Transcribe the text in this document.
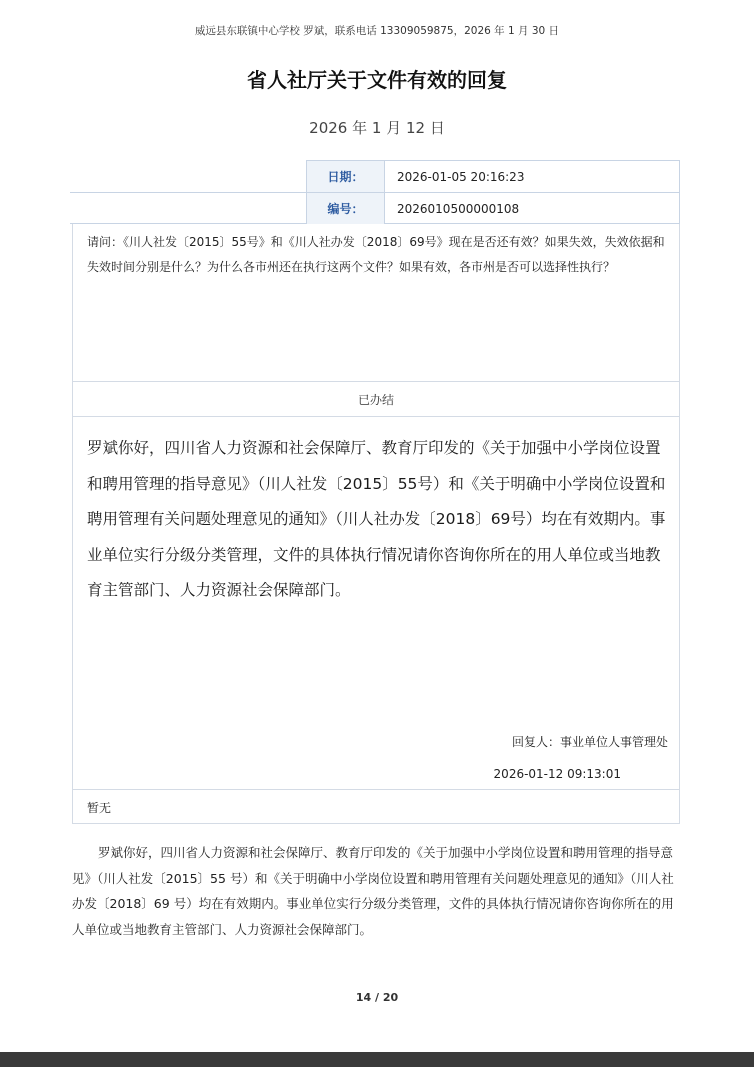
威远县东联镇中心学校 罗斌，联系电话 13309059875，2026 年 1 月 30 日
省人社厅关于文件有效的回复
2026 年 1 月 12 日
日期：	2026-01-05 20:16:23
编号：	2026010500000108
请问：《川人社发〔2015〕55号》和《川人社办发〔2018〕69号》现在是否还有效？如果失效，失效依据和失效时间分别是什么？为什么各市州还在执行这两个文件？如果有效，各市州是否可以选择性执行？
已办结
罗斌你好，四川省人力资源和社会保障厅、教育厅印发的《关于加强中小学岗位设置和聘用管理的指导意见》（川人社发〔2015〕55号）和《关于明确中小学岗位设置和聘用管理有关问题处理意见的通知》（川人社办发〔2018〕69号）均在有效期内。事业单位实行分级分类管理，文件的具体执行情况请你咨询你所在的用人单位或当地教育主管部门、人力资源社会保障部门。
回复人：事业单位人事管理处
2026-01-12 09:13:01
暂无
罗斌你好，四川省人力资源和社会保障厅、教育厅印发的《关于加强中小学岗位设置和聘用管理的指导意见》（川人社发〔2015〕55 号）和《关于明确中小学岗位设置和聘用管理有关问题处理意见的通知》（川人社办发〔2018〕69 号）均在有效期内。事业单位实行分级分类管理，文件的具体执行情况请你咨询你所在的用人单位或当地教育主管部门、人力资源社会保障部门。
14 / 20
